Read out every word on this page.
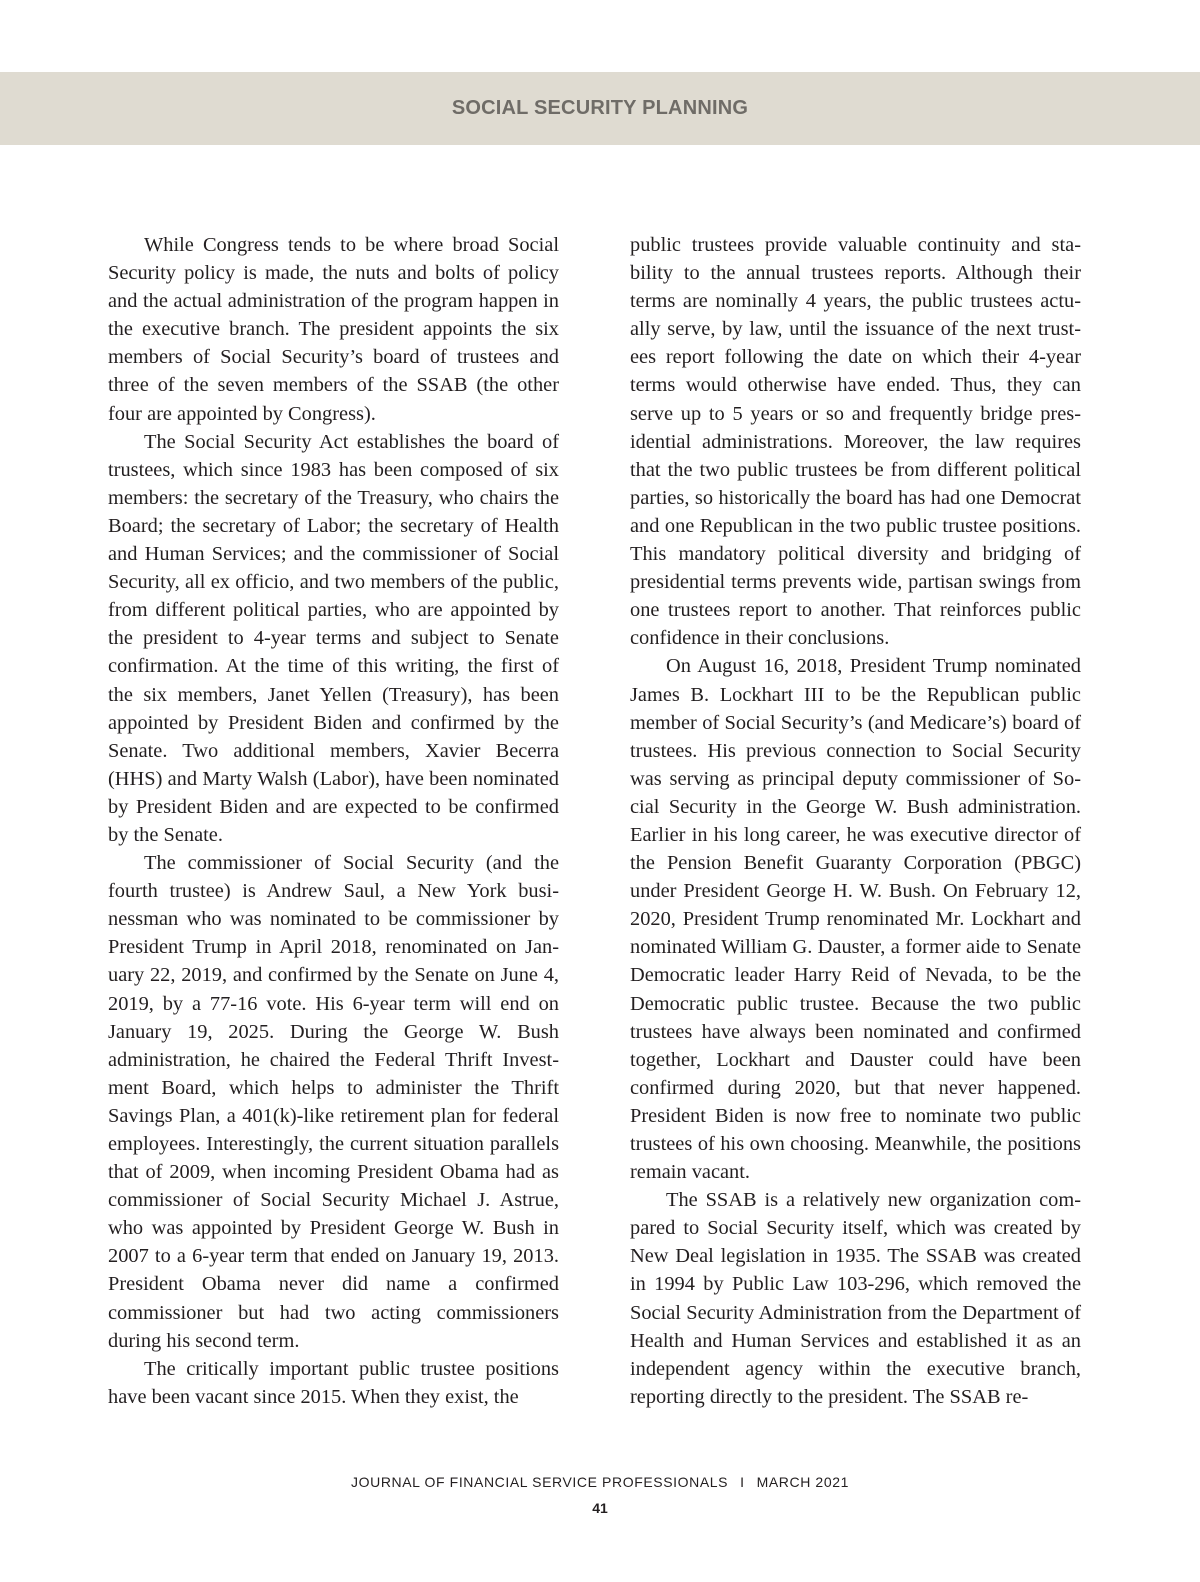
SOCIAL SECURITY PLANNING

While Congress tends to be where broad Social Security policy is made, the nuts and bolts of policy and the actual administration of the program happen in the executive branch. The president appoints the six members of Social Security’s board of trustees and three of the seven members of the SSAB (the other four are appointed by Congress).

The Social Security Act establishes the board of trustees, which since 1983 has been composed of six members: the secretary of the Treasury, who chairs the Board; the secretary of Labor; the secretary of Health and Human Services; and the commissioner of Social Security, all ex officio, and two members of the public, from different political parties, who are appointed by the president to 4-year terms and subject to Senate confirmation. At the time of this writing, the first of the six members, Janet Yellen (Treasury), has been appointed by President Biden and confirmed by the Senate. Two additional members, Xavier Becerra (HHS) and Marty Walsh (Labor), have been nominated by President Biden and are expected to be confirmed by the Senate.

The commissioner of Social Security (and the fourth trustee) is Andrew Saul, a New York businessman who was nominated to be commissioner by President Trump in April 2018, renominated on January 22, 2019, and confirmed by the Senate on June 4, 2019, by a 77-16 vote. His 6-year term will end on January 19, 2025. During the George W. Bush administration, he chaired the Federal Thrift Investment Board, which helps to administer the Thrift Savings Plan, a 401(k)-like retirement plan for federal employees. Interestingly, the current situation parallels that of 2009, when incoming President Obama had as commissioner of Social Security Michael J. Astrue, who was appointed by President George W. Bush in 2007 to a 6-year term that ended on January 19, 2013. President Obama never did name a confirmed commissioner but had two acting commissioners during his second term.

The critically important public trustee positions have been vacant since 2015. When they exist, the

public trustees provide valuable continuity and stability to the annual trustees reports. Although their terms are nominally 4 years, the public trustees actually serve, by law, until the issuance of the next trustees report following the date on which their 4-year terms would otherwise have ended. Thus, they can serve up to 5 years or so and frequently bridge presidential administrations. Moreover, the law requires that the two public trustees be from different political parties, so historically the board has had one Democrat and one Republican in the two public trustee positions. This mandatory political diversity and bridging of presidential terms prevents wide, partisan swings from one trustees report to another. That reinforces public confidence in their conclusions.

On August 16, 2018, President Trump nominated James B. Lockhart III to be the Republican public member of Social Security’s (and Medicare’s) board of trustees. His previous connection to Social Security was serving as principal deputy commissioner of Social Security in the George W. Bush administration. Earlier in his long career, he was executive director of the Pension Benefit Guaranty Corporation (PBGC) under President George H. W. Bush. On February 12, 2020, President Trump renominated Mr. Lockhart and nominated William G. Dauster, a former aide to Senate Democratic leader Harry Reid of Nevada, to be the Democratic public trustee. Because the two public trustees have always been nominated and confirmed together, Lockhart and Dauster could have been confirmed during 2020, but that never happened. President Biden is now free to nominate two public trustees of his own choosing. Meanwhile, the positions remain vacant.

The SSAB is a relatively new organization compared to Social Security itself, which was created by New Deal legislation in 1935. The SSAB was created in 1994 by Public Law 103-296, which removed the Social Security Administration from the Department of Health and Human Services and established it as an independent agency within the executive branch, reporting directly to the president. The SSAB re-

JOURNAL OF FINANCIAL SERVICE PROFESSIONALS I MARCH 2021
41
